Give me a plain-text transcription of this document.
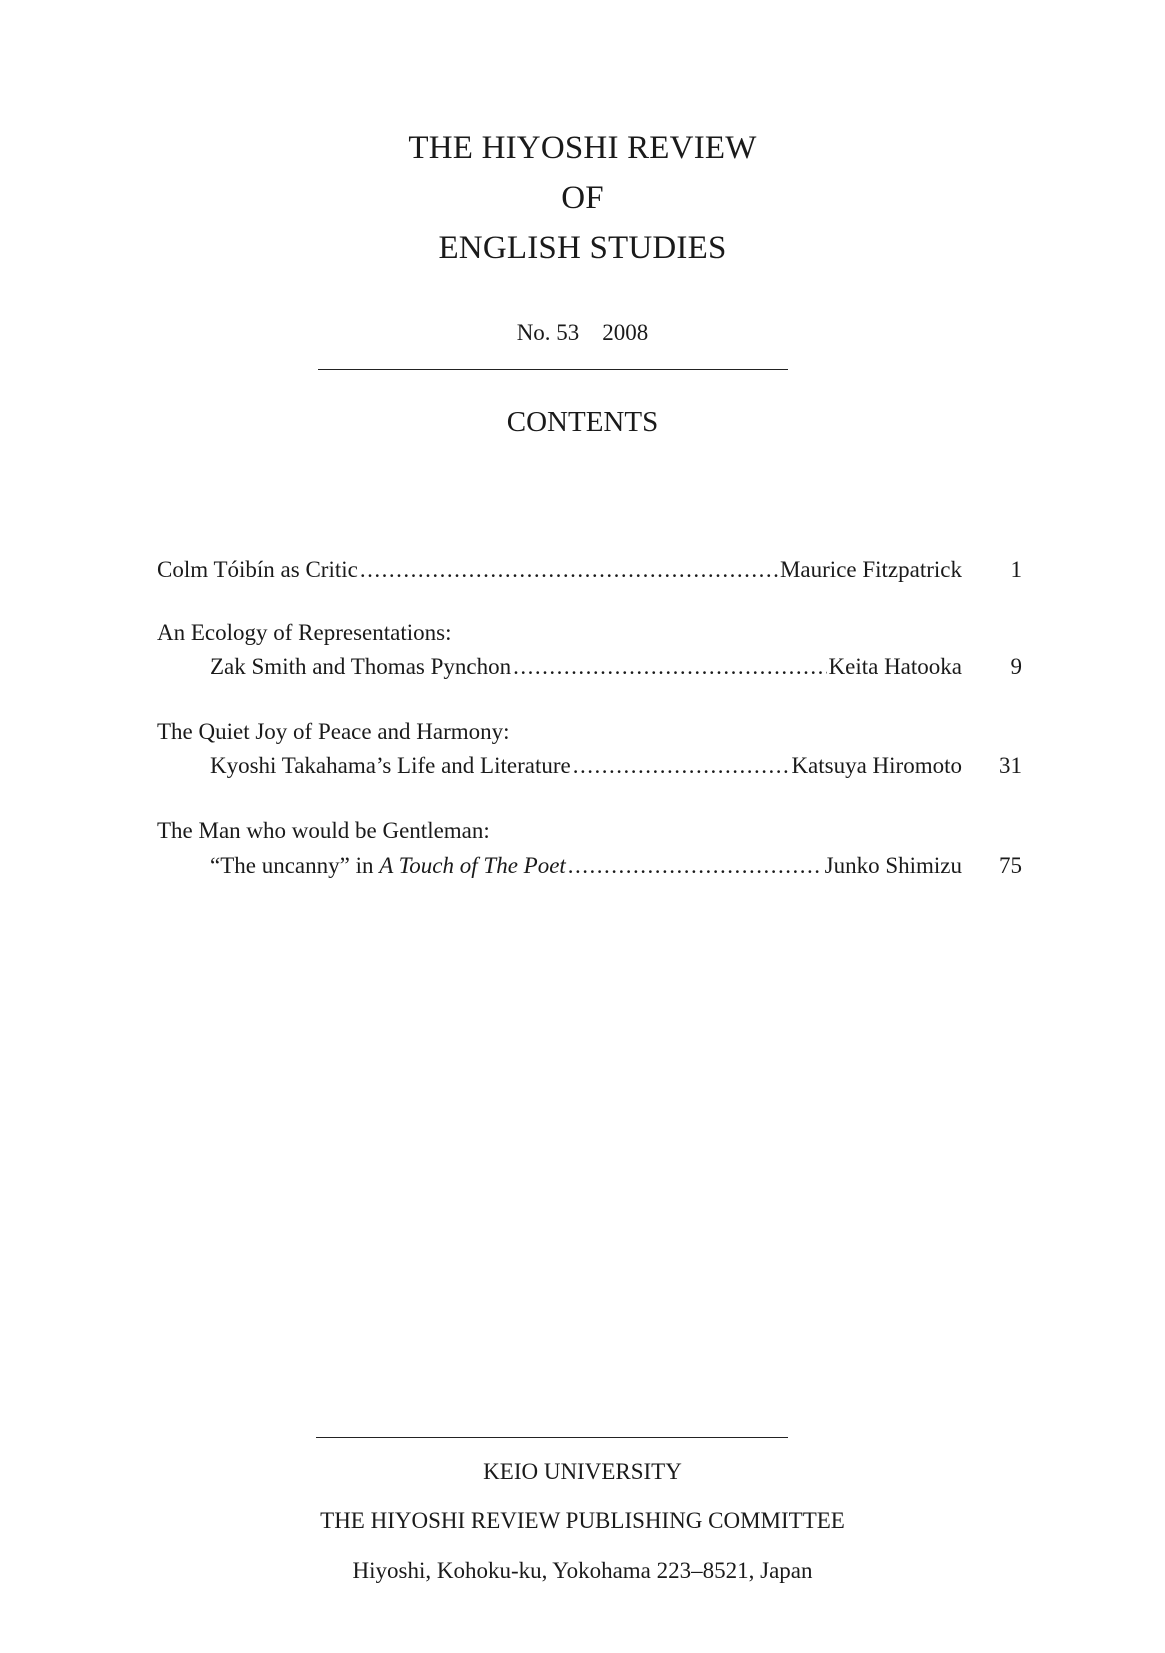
THE HIYOSHI REVIEW
OF
ENGLISH STUDIES
No. 53    2008
CONTENTS
Colm Tóibín as Critic .....	Maurice Fitzpatrick	1
An Ecology of Representations:
Zak Smith and Thomas Pynchon .....	Keita Hatooka	9
The Quiet Joy of Peace and Harmony:
Kyoshi Takahama’s Life and Literature .....	Katsuya Hiromoto	31
The Man who would be Gentleman:
“The uncanny” in A Touch of The Poet .....	Junko Shimizu	75
KEIO UNIVERSITY
THE HIYOSHI REVIEW PUBLISHING COMMITTEE
Hiyoshi, Kohoku-ku, Yokohama 223–8521, Japan
